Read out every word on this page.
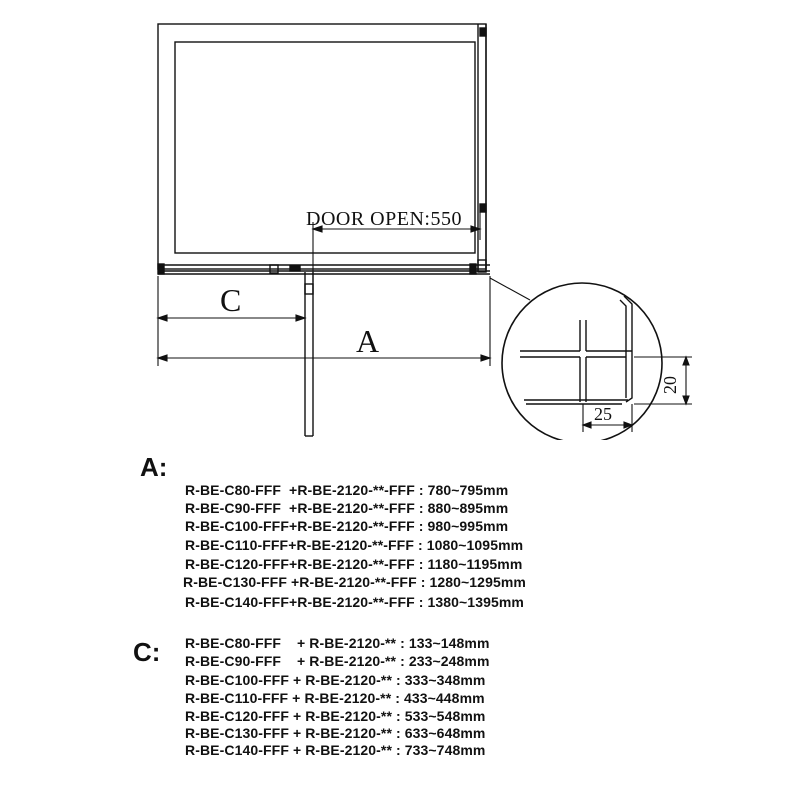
DOOR OPEN:550
C
A
20
25
A:
R-BE-C80-FFF  +R-BE-2120-**-FFF : 780~795mm
R-BE-C90-FFF  +R-BE-2120-**-FFF : 880~895mm
R-BE-C100-FFF+R-BE-2120-**-FFF : 980~995mm
R-BE-C110-FFF+R-BE-2120-**-FFF : 1080~1095mm
R-BE-C120-FFF+R-BE-2120-**-FFF : 1180~1195mm
R-BE-C130-FFF +R-BE-2120-**-FFF : 1280~1295mm
R-BE-C140-FFF+R-BE-2120-**-FFF : 1380~1395mm
C: R-BE-C80-FFF    + R-BE-2120-** : 133~148mm
R-BE-C90-FFF    + R-BE-2120-** : 233~248mm
R-BE-C100-FFF + R-BE-2120-** : 333~348mm
R-BE-C110-FFF + R-BE-2120-** : 433~448mm
R-BE-C120-FFF + R-BE-2120-** : 533~548mm
R-BE-C130-FFF + R-BE-2120-** : 633~648mm
R-BE-C140-FFF + R-BE-2120-** : 733~748mm
